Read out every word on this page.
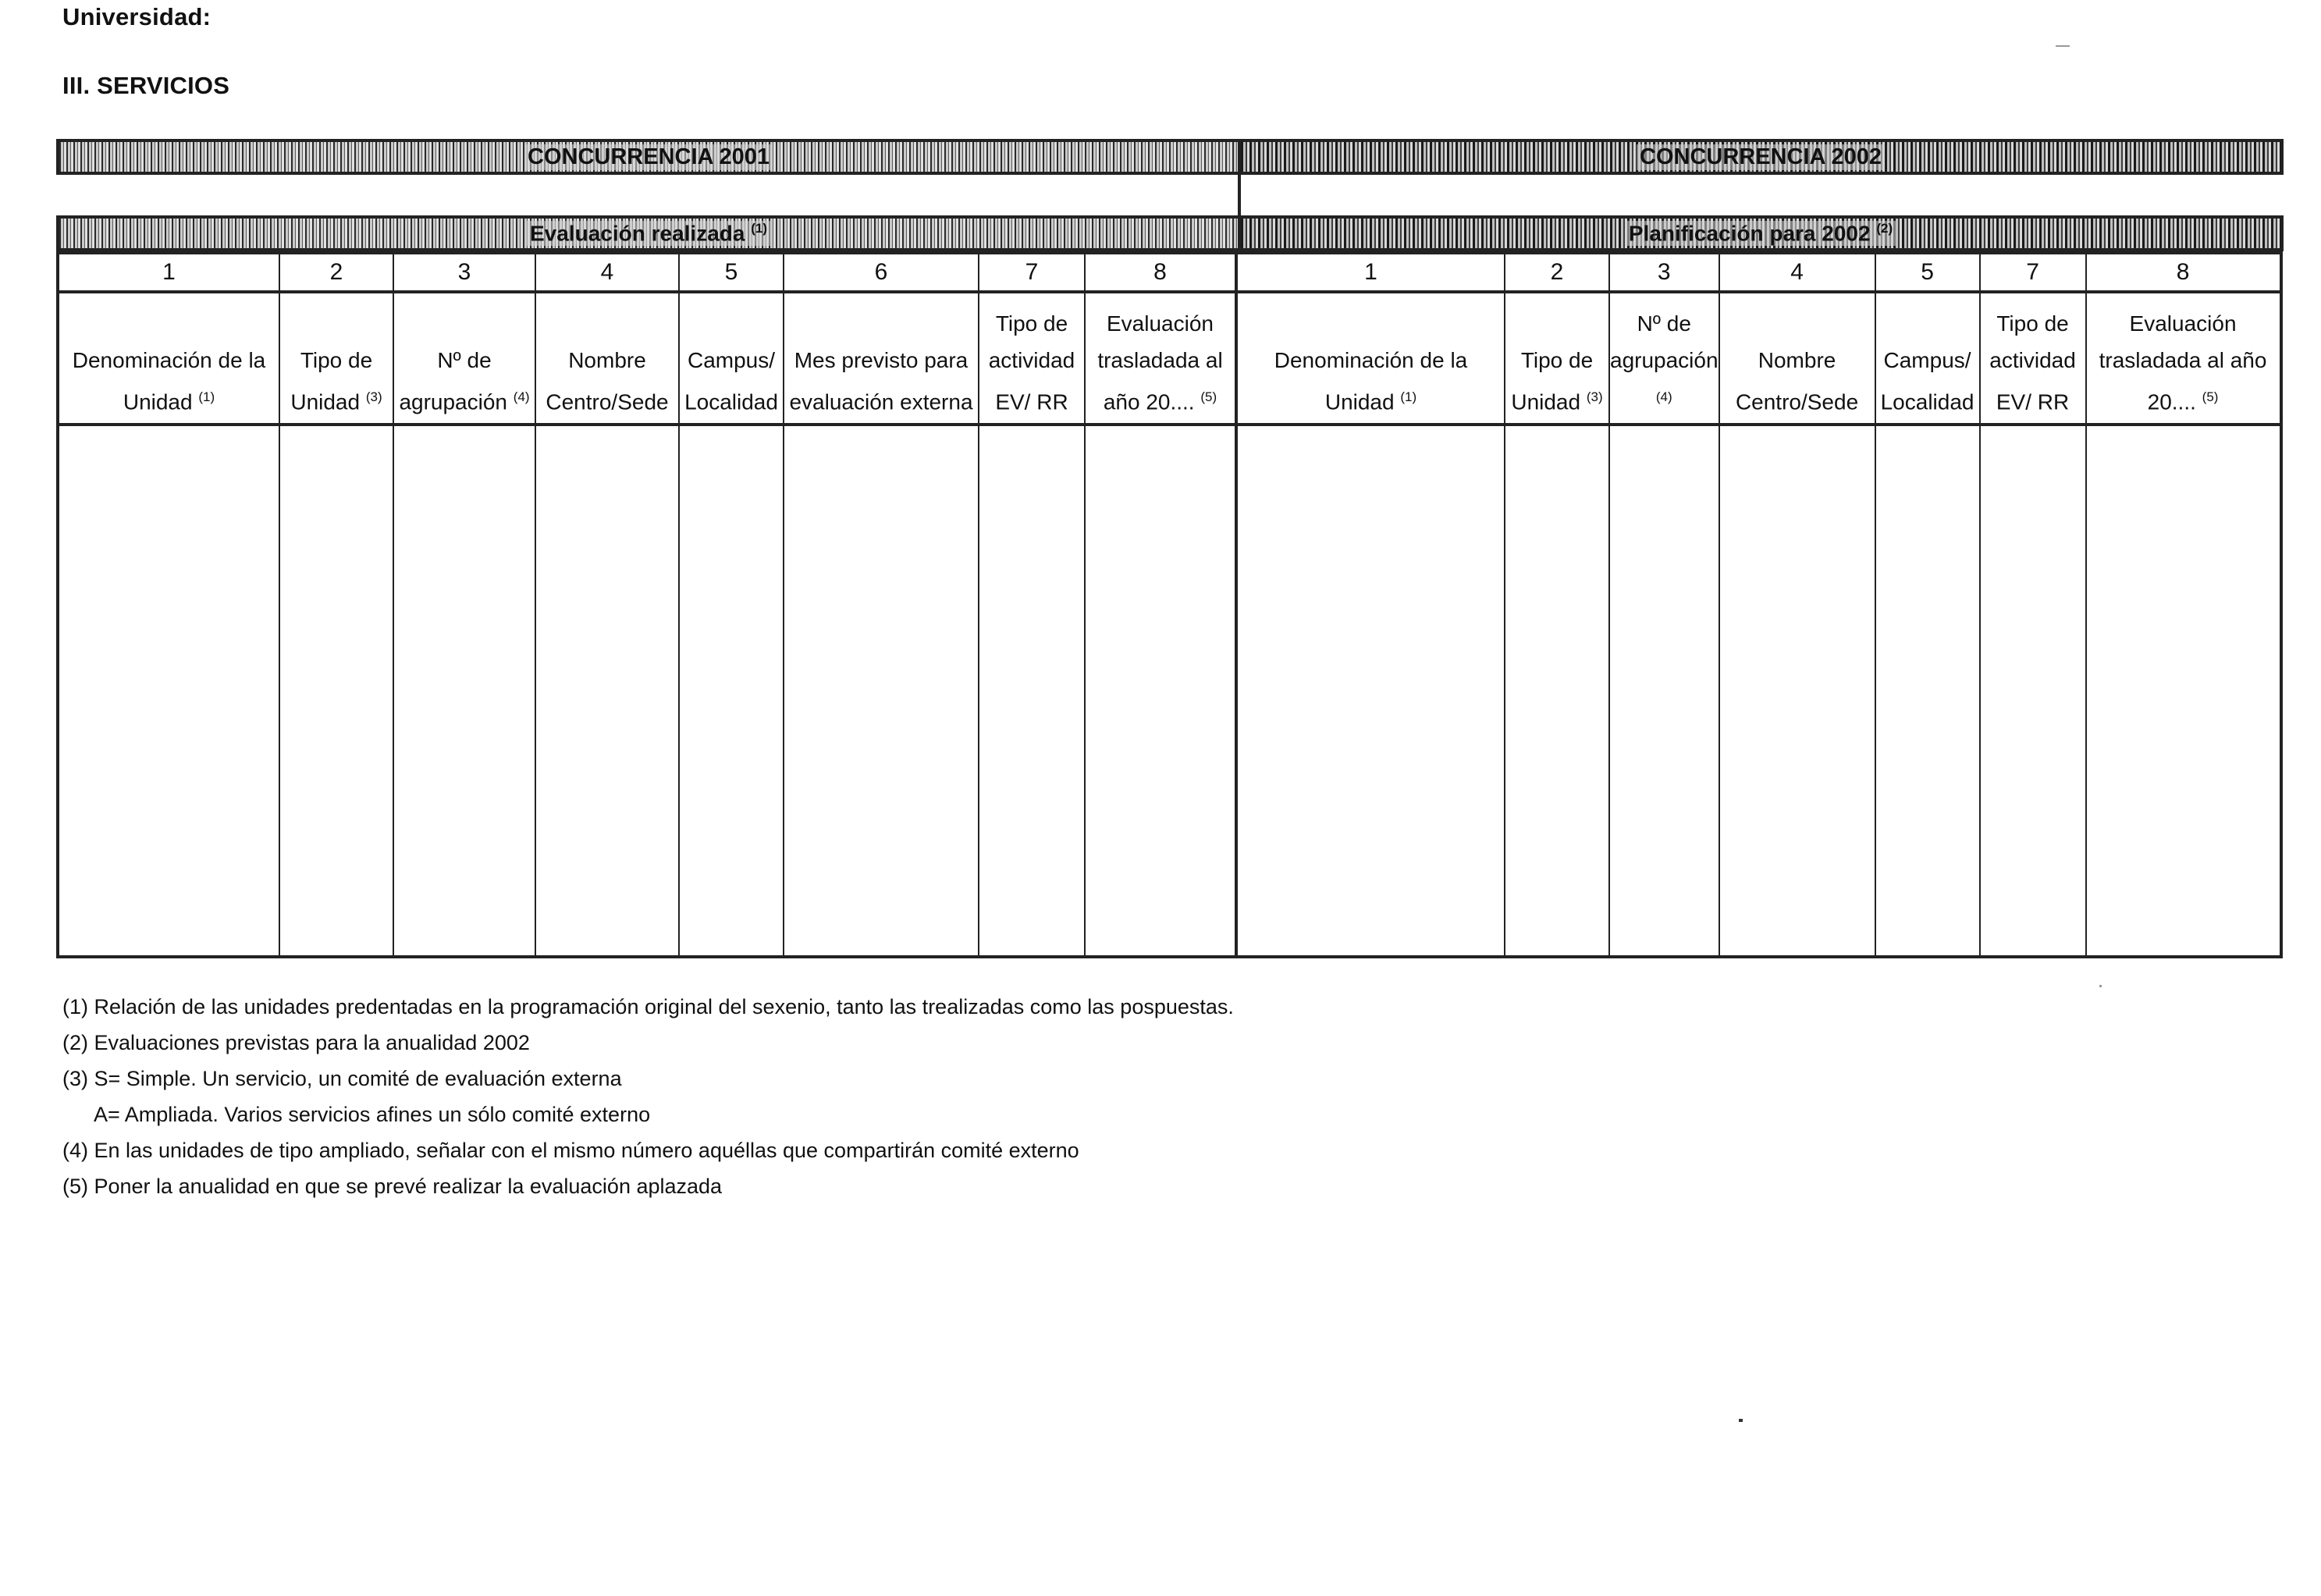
Universidad:
III. SERVICIOS
CONCURRENCIA 2001	CONCURRENCIA 2002
Evaluación realizada $^{(1)}$	Planificación para 2002 $^{(2)}$
1	2	3	4	5	6	7	8	1	2	3	4	5	7	8
Denominación de la Unidad $^{(1)}$	Tipo de Unidad $^{(3)}$	Nº de agrupación $^{(4)}$	Nombre Centro/Sede	Campus/ Localidad	Mes previsto para evaluación externa	Tipo de actividad EV/ RR	Evaluación trasladada al año 20.... $^{(5)}$	Denominación de la Unidad $^{(1)}$	Tipo de Unidad $^{(3)}$	Nº de agrupación $^{(4)}$	Nombre Centro/Sede	Campus/ Localidad	Tipo de actividad EV/ RR	Evaluación trasladada al año 20.... $^{(5)}$

(1) Relación de las unidades predentadas en la programación original del sexenio, tanto las trealizadas como las pospuestas.
(2) Evaluaciones previstas para la anualidad 2002
(3) S= Simple. Un servicio, un comité de evaluación externa
A= Ampliada. Varios servicios afines un sólo comité externo
(4) En las unidades de tipo ampliado, señalar con el mismo número aquéllas que compartirán comité externo
(5) Poner la anualidad en que se prevé realizar la evaluación aplazada
